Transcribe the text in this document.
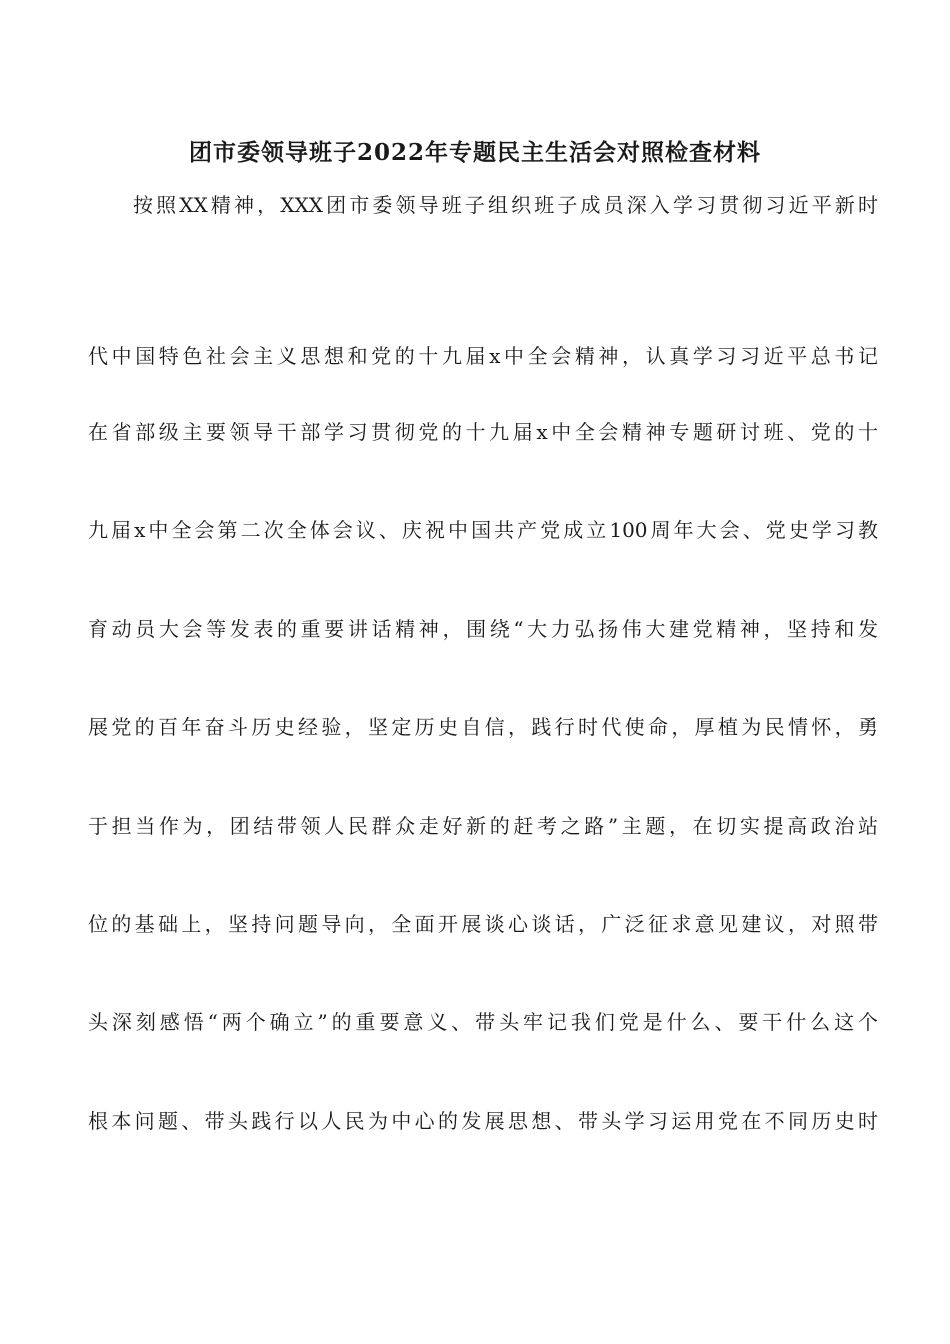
团市委领导班子2022年专题民主生活会对照检查材料
按照XX精神，XXX团市委领导班子组织班子成员深入学习贯彻习近平新时
代中国特色社会主义思想和党的十九届x中全会精神，认真学习习近平总书记
在省部级主要领导干部学习贯彻党的十九届x中全会精神专题研讨班、党的十
九届x中全会第二次全体会议、庆祝中国共产党成立100周年大会、党史学习教
育动员大会等发表的重要讲话精神，围绕“大力弘扬伟大建党精神，坚持和发
展党的百年奋斗历史经验，坚定历史自信，践行时代使命，厚植为民情怀，勇
于担当作为，团结带领人民群众走好新的赶考之路”主题，在切实提高政治站
位的基础上，坚持问题导向，全面开展谈心谈话，广泛征求意见建议，对照带
头深刻感悟“两个确立”的重要意义、带头牢记我们党是什么、要干什么这个
根本问题、带头践行以人民为中心的发展思想、带头学习运用党在不同历史时
